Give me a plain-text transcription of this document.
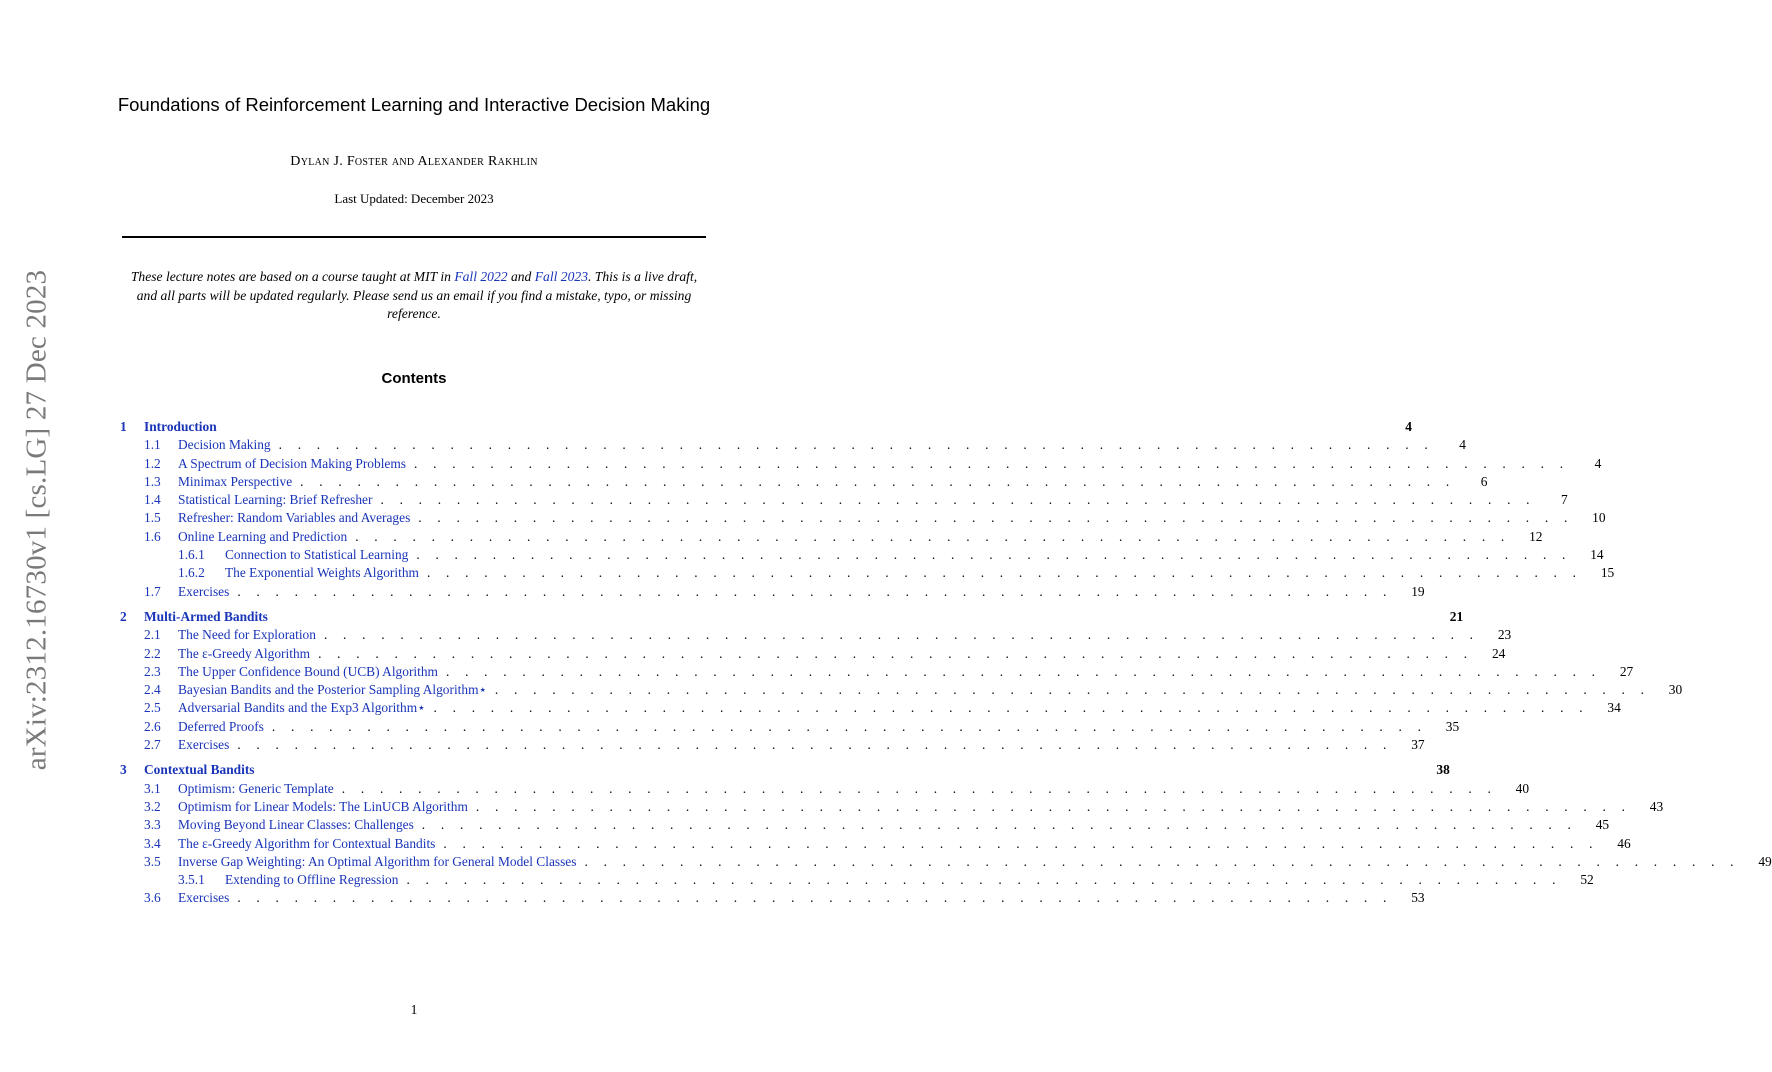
arXiv:2312.16730v1 [cs.LG] 27 Dec 2023
Foundations of Reinforcement Learning and Interactive Decision Making
Dylan J. Foster and Alexander Rakhlin
Last Updated: December 2023
These lecture notes are based on a course taught at MIT in Fall 2022 and Fall 2023. This is a live draft, and all parts will be updated regularly. Please send us an email if you find a mistake, typo, or missing reference.
Contents
1	Introduction	4
1.1	Decision Making . . . . . . . . . . . . . . . . . . . . . . . . . . . . . . . . . . . . . . . . . . . . . . . . . . . . . . . . . . . . .	4
1.2	A Spectrum of Decision Making Problems . . . . . . . . . . . . . . . . . . . . . . . . . . . . . . . . . . . . . . . . . . . . . . . . . . . . . . . . . . . . .	4
1.3	Minimax Perspective . . . . . . . . . . . . . . . . . . . . . . . . . . . . . . . . . . . . . . . . . . . . . . . . . . . . . . . . . . . . .	6
1.4	Statistical Learning: Brief Refresher . . . . . . . . . . . . . . . . . . . . . . . . . . . . . . . . . . . . . . . . . . . . . . . . . . . . . . . . . . . . .	7
1.5	Refresher: Random Variables and Averages . . . . . . . . . . . . . . . . . . . . . . . . . . . . . . . . . . . . . . . . . . . . . . . . . . . . . . . . . . . . .	10
1.6	Online Learning and Prediction . . . . . . . . . . . . . . . . . . . . . . . . . . . . . . . . . . . . . . . . . . . . . . . . . . . . . . . . . . . . .	12
1.6.1	Connection to Statistical Learning . . . . . . . . . . . . . . . . . . . . . . . . . . . . . . . . . . . . . . . . . . . . . . . . . . . . . . . . . . . . .	14
1.6.2	The Exponential Weights Algorithm . . . . . . . . . . . . . . . . . . . . . . . . . . . . . . . . . . . . . . . . . . . . . . . . . . . . . . . . . . . . .	15
1.7	Exercises . . . . . . . . . . . . . . . . . . . . . . . . . . . . . . . . . . . . . . . . . . . . . . . . . . . . . . . . . . . . .	19
2	Multi-Armed Bandits	21
2.1	The Need for Exploration . . . . . . . . . . . . . . . . . . . . . . . . . . . . . . . . . . . . . . . . . . . . . . . . . . . . . . . . . . . . .	23
2.2	The ε-Greedy Algorithm . . . . . . . . . . . . . . . . . . . . . . . . . . . . . . . . . . . . . . . . . . . . . . . . . . . . . . . . . . . . .	24
2.3	The Upper Confidence Bound (UCB) Algorithm . . . . . . . . . . . . . . . . . . . . . . . . . . . . . . . . . . . . . . . . . . . . . . . . . . . . . . . . . . . . .	27
2.4	Bayesian Bandits and the Posterior Sampling Algorithm⋆ . . . . . . . . . . . . . . . . . . . . . . . . . . . . . . . . . . . . . . . . . . . . . . . . . . . . . . . . . . . . .	30
2.5	Adversarial Bandits and the Exp3 Algorithm⋆ . . . . . . . . . . . . . . . . . . . . . . . . . . . . . . . . . . . . . . . . . . . . . . . . . . . . . . . . . . . . .	34
2.6	Deferred Proofs . . . . . . . . . . . . . . . . . . . . . . . . . . . . . . . . . . . . . . . . . . . . . . . . . . . . . . . . . . . . .	35
2.7	Exercises . . . . . . . . . . . . . . . . . . . . . . . . . . . . . . . . . . . . . . . . . . . . . . . . . . . . . . . . . . . . .	37
3	Contextual Bandits	38
3.1	Optimism: Generic Template . . . . . . . . . . . . . . . . . . . . . . . . . . . . . . . . . . . . . . . . . . . . . . . . . . . . . . . . . . . . .	40
3.2	Optimism for Linear Models: The LinUCB Algorithm . . . . . . . . . . . . . . . . . . . . . . . . . . . . . . . . . . . . . . . . . . . . . . . . . . . . . . . . . . . . .	43
3.3	Moving Beyond Linear Classes: Challenges . . . . . . . . . . . . . . . . . . . . . . . . . . . . . . . . . . . . . . . . . . . . . . . . . . . . . . . . . . . . .	45
3.4	The ε-Greedy Algorithm for Contextual Bandits . . . . . . . . . . . . . . . . . . . . . . . . . . . . . . . . . . . . . . . . . . . . . . . . . . . . . . . . . . . . .	46
3.5	Inverse Gap Weighting: An Optimal Algorithm for General Model Classes . . . . . . . . . . . . . . . . . . . . . . . . . . . . . . . . . . . . . . . . . . . . . . . . . . . . . . . . . . . . .	49
3.5.1	Extending to Offline Regression . . . . . . . . . . . . . . . . . . . . . . . . . . . . . . . . . . . . . . . . . . . . . . . . . . . . . . . . . . . . .	52
3.6	Exercises . . . . . . . . . . . . . . . . . . . . . . . . . . . . . . . . . . . . . . . . . . . . . . . . . . . . . . . . . . . . .	53
1
